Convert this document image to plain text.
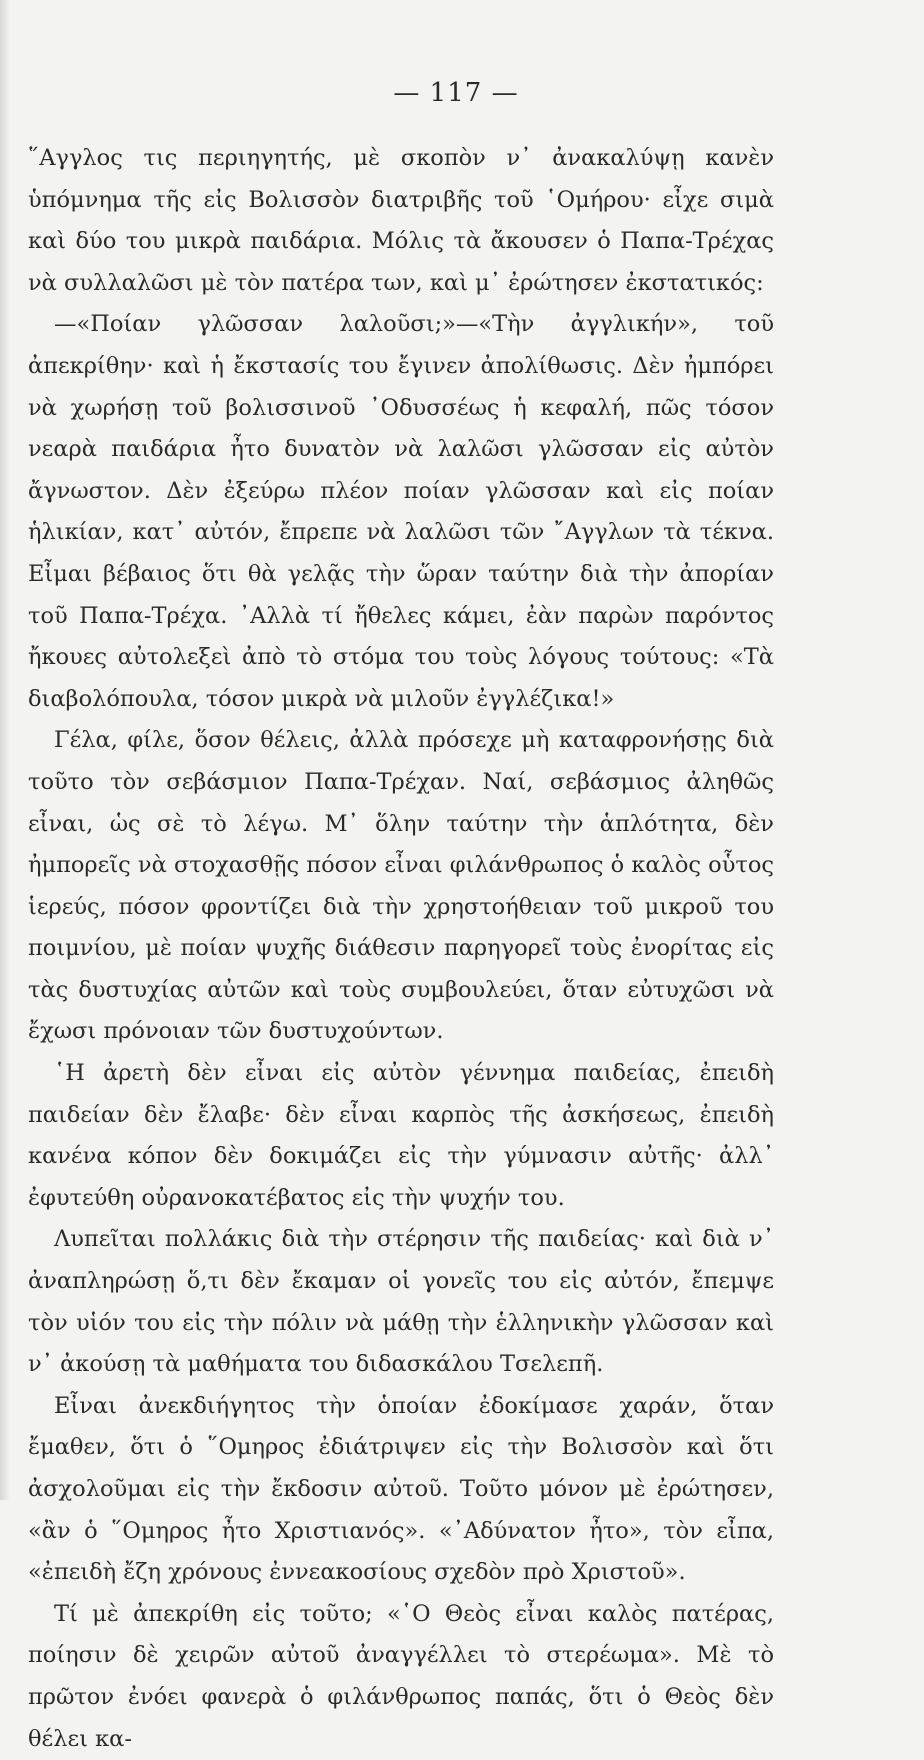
— 117 —

῞Αγγλος τις περιηγητής, μὲ σκοπὸν ν᾿ ἀνακαλύψῃ κανὲν ὑπόμνημα τῆς εἰς Βολισσὸν διατριβῆς τοῦ ῾Ομήρου· εἶχε σιμὰ καὶ δύο του μικρὰ παιδάρια. Μόλις τὰ ἄκουσεν ὁ Παπα-Τρέχας νὰ συλλαλῶσι μὲ τὸν πατέρα των, καὶ μ᾿ ἐρώτησεν ἐκστατικός:

—«Ποίαν γλῶσσαν λαλοῦσι;»—«Τὴν ἀγγλικήν», τοῦ ἀπεκρίθην· καὶ ἡ ἔκστασίς του ἔγινεν ἀπολίθωσις. Δὲν ἠμπόρει νὰ χωρήσῃ τοῦ βολισσινοῦ ᾿Οδυσσέως ἡ κεφαλή, πῶς τόσον νεαρὰ παιδάρια ἦτο δυνατὸν νὰ λαλῶσι γλῶσσαν εἰς αὐτὸν ἄγνωστον. Δὲν ἐξεύρω πλέον ποίαν γλῶσσαν καὶ εἰς ποίαν ἡλικίαν, κατ᾿ αὐτόν, ἔπρεπε νὰ λαλῶσι τῶν ῎Αγγλων τὰ τέκνα. Εἶμαι βέβαιος ὅτι θὰ γελᾷς τὴν ὥραν ταύτην διὰ τὴν ἀπορίαν τοῦ Παπα-Τρέχα. ᾿Αλλὰ τί ἤθελες κάμει, ἐὰν παρὼν παρόντος ἤκουες αὐτολεξεὶ ἀπὸ τὸ στόμα του τοὺς λόγους τούτους: «Τὰ διαβολόπουλα, τόσον μικρὰ νὰ μιλοῦν ἐγγλέζικα!»

Γέλα, φίλε, ὅσον θέλεις, ἀλλὰ πρόσεχε μὴ καταφρονήσῃς διὰ τοῦτο τὸν σεβάσμιον Παπα-Τρέχαν. Ναί, σεβάσμιος ἀληθῶς εἶναι, ὡς σὲ τὸ λέγω. Μ᾿ ὅλην ταύτην τὴν ἁπλότητα, δὲν ἠμπορεῖς νὰ στοχασθῇς πόσον εἶναι φιλάνθρωπος ὁ καλὸς οὗτος ἱερεύς, πόσον φροντίζει διὰ τὴν χρηστοήθειαν τοῦ μικροῦ του ποιμνίου, μὲ ποίαν ψυχῆς διάθεσιν παρηγορεῖ τοὺς ἐνορίτας εἰς τὰς δυστυχίας αὐτῶν καὶ τοὺς συμβουλεύει, ὅταν εὐτυχῶσι νὰ ἔχωσι πρόνοιαν τῶν δυστυχούντων.

῾Η ἀρετὴ δὲν εἶναι εἰς αὐτὸν γέννημα παιδείας, ἐπειδὴ παιδείαν δὲν ἔλαβε· δὲν εἶναι καρπὸς τῆς ἀσκήσεως, ἐπειδὴ κανένα κόπον δὲν δοκιμάζει εἰς τὴν γύμνασιν αὐτῆς· ἀλλ᾿ ἐφυτεύθη οὐρανοκατέβατος εἰς τὴν ψυχήν του.

Λυπεῖται πολλάκις διὰ τὴν στέρησιν τῆς παιδείας· καὶ διὰ ν᾿ ἀναπληρώσῃ ὅ,τι δὲν ἔκαμαν οἱ γονεῖς του εἰς αὐτόν, ἔπεμψε τὸν υἱόν του εἰς τὴν πόλιν νὰ μάθῃ τὴν ἑλληνικὴν γλῶσσαν καὶ ν᾿ ἀκούσῃ τὰ μαθήματα του διδασκάλου Τσελεπῆ.

Εἶναι ἀνεκδιήγητος τὴν ὁποίαν ἐδοκίμασε χαράν, ὅταν ἔμαθεν, ὅτι ὁ ῞Ομηρος ἐδιάτριψεν εἰς τὴν Βολισσὸν καὶ ὅτι ἀσχολοῦμαι εἰς τὴν ἔκδοσιν αὐτοῦ. Τοῦτο μόνον μὲ ἐρώτησεν, «ἂν ὁ ῞Ομηρος ἦτο Χριστιανός». «᾿Αδύνατον ἦτο», τὸν εἶπα, «ἐπειδὴ ἔζη χρόνους ἐννεακοσίους σχεδὸν πρὸ Χριστοῦ».

Τί μὲ ἀπεκρίθη εἰς τοῦτο; «῾Ο Θεὸς εἶναι καλὸς πατέρας, ποίησιν δὲ χειρῶν αὐτοῦ ἀναγγέλλει τὸ στερέωμα». Μὲ τὸ πρῶτον ἐνόει φανερὰ ὁ φιλάνθρωπος παπάς, ὅτι ὁ Θεὸς δὲν θέλει κα-
